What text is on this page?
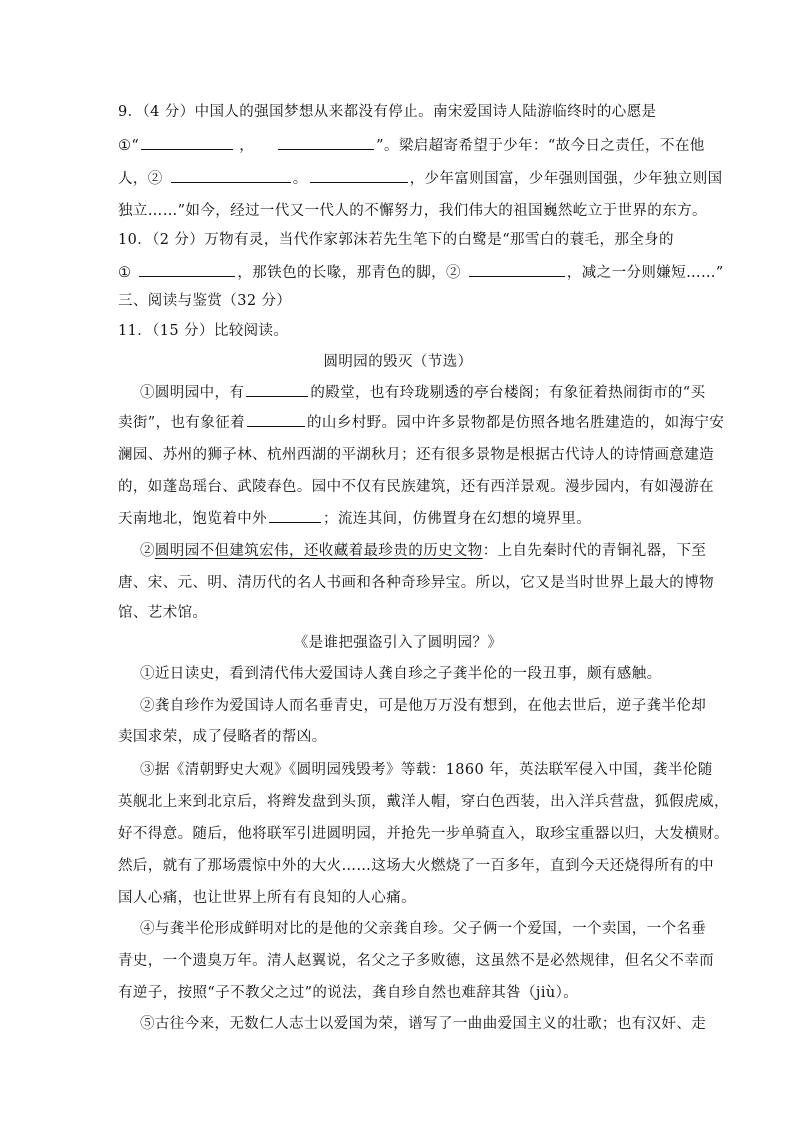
9．（4 分）中国人的强国梦想从来都没有停止。南宋爱国诗人陆游临终时的心愿是
①“	，	”。梁启超寄希望于少年：“故今日之责任，不在他
人，②	。	，少年富则国富，少年强则国强，少年独立则国
独立……”如今，经过一代又一代人的不懈努力，我们伟大的祖国巍然屹立于世界的东方。
10．（2 分）万物有灵，当代作家郭沫若先生笔下的白鹭是“那雪白的蓑毛，那全身的
①	，那铁色的长喙，那青色的脚，②	，减之一分则嫌短……”
三、阅读与鉴赏（32 分）
11．（15 分）比较阅读。
圆明园的毁灭（节选）
①圆明园中，有	的殿堂，也有玲珑剔透的亭台楼阁；有象征着热闹街市的“买
卖街”，也有象征着	的山乡村野。园中许多景物都是仿照各地名胜建造的，如海宁安
澜园、苏州的狮子林、杭州西湖的平湖秋月；还有很多景物是根据古代诗人的诗情画意建造
的，如蓬岛瑶台、武陵春色。园中不仅有民族建筑，还有西洋景观。漫步园内，有如漫游在
天南地北，饱览着中外	；流连其间，仿佛置身在幻想的境界里。
②圆明园不但建筑宏伟，还收藏着最珍贵的历史文物：上自先秦时代的青铜礼器，下至
唐、宋、元、明、清历代的名人书画和各种奇珍异宝。所以，它又是当时世界上最大的博物
馆、艺术馆。
《是谁把强盗引入了圆明园？》
①近日读史，看到清代伟大爱国诗人龚自珍之子龚半伦的一段丑事，颇有感触。
②龚自珍作为爱国诗人而名垂青史，可是他万万没有想到，在他去世后，逆子龚半伦却
卖国求荣，成了侵略者的帮凶。
③据《清朝野史大观》《圆明园残毁考》等载：1860 年，英法联军侵入中国，龚半伦随
英舰北上来到北京后，将辫发盘到头顶，戴洋人帽，穿白色西装，出入洋兵营盘，狐假虎威，
好不得意。随后，他将联军引进圆明园，并抢先一步单骑直入，取珍宝重器以归，大发横财。
然后，就有了那场震惊中外的大火……这场大火燃烧了一百多年，直到今天还烧得所有的中
国人心痛，也让世界上所有有良知的人心痛。
④与龚半伦形成鲜明对比的是他的父亲龚自珍。父子俩一个爱国，一个卖国，一个名垂
青史，一个遗臭万年。清人赵翼说，名父之子多败德，这虽然不是必然规律，但名父不幸而
有逆子，按照“子不教父之过”的说法，龚自珍自然也难辞其咎（jiù）。
⑤古往今来，无数仁人志士以爱国为荣，谱写了一曲曲爱国主义的壮歌；也有汉奸、走
